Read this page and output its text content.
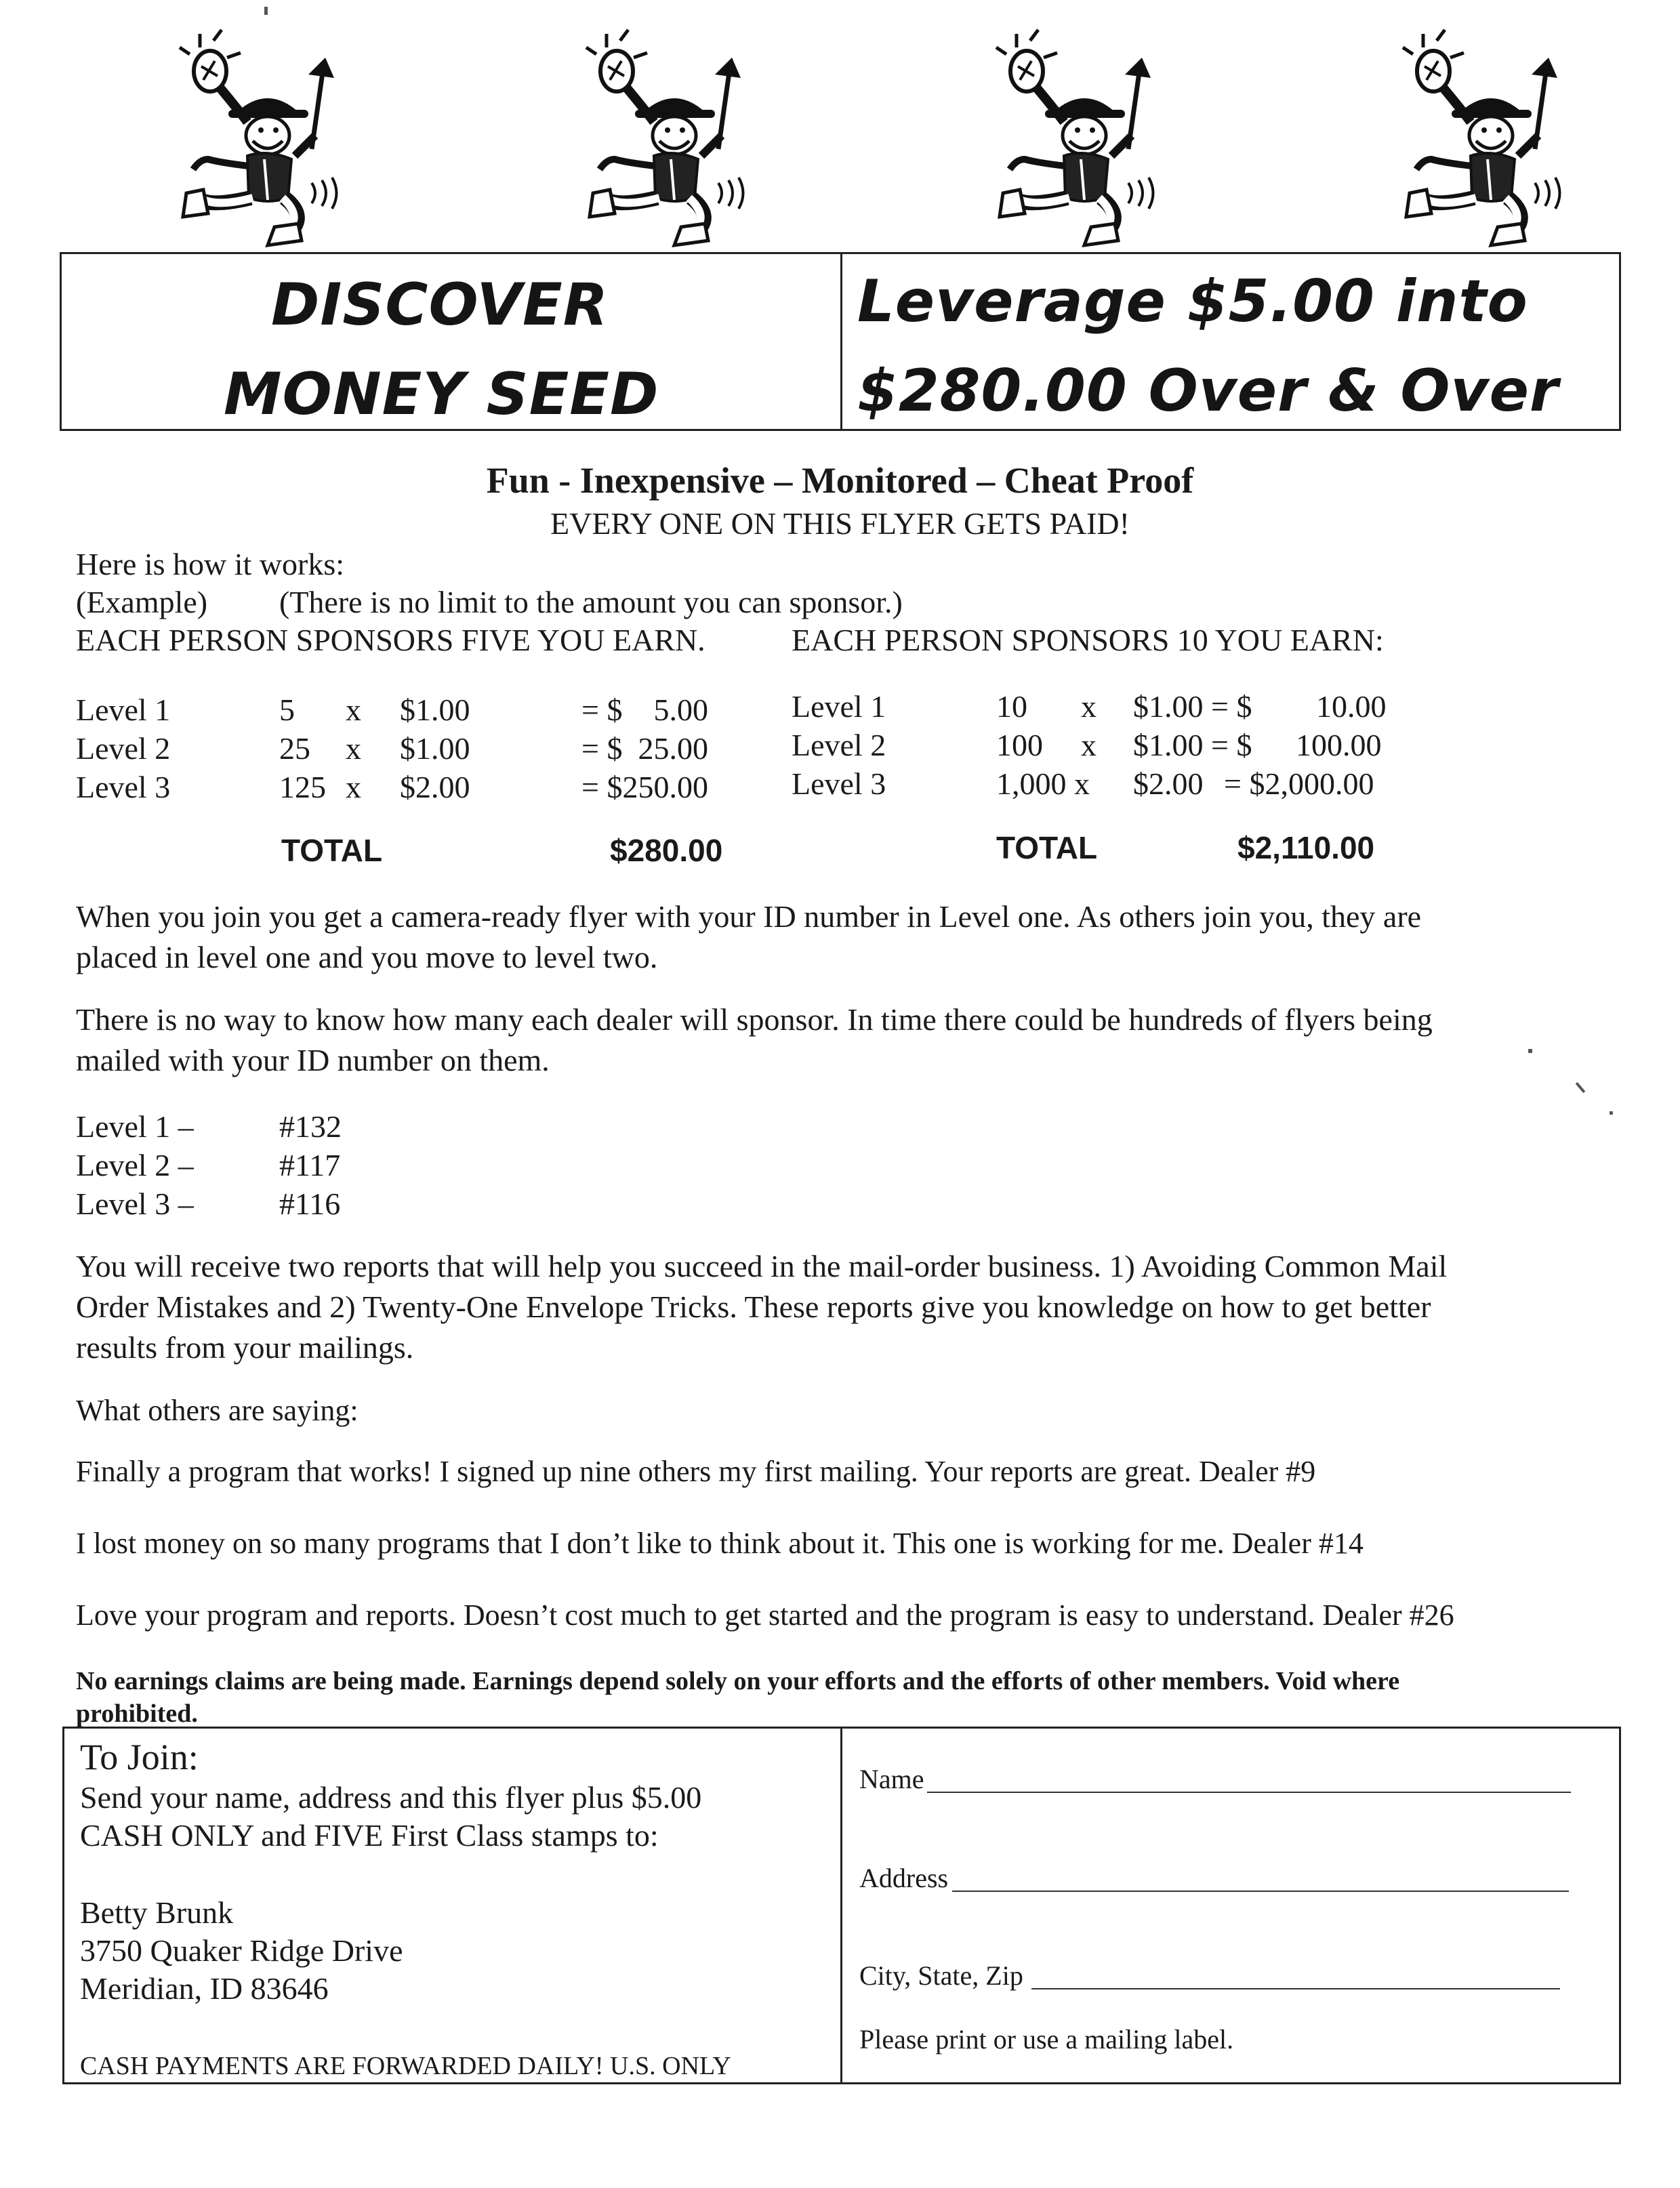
DISCOVER
MONEY SEED
Leverage $5.00 into
$280.00 Over & Over
Fun - Inexpensive – Monitored – Cheat Proof
EVERY ONE ON THIS FLYER GETS PAID!
Here is how it works:
(Example) (There is no limit to the amount you can sponsor.)
EACH PERSON SPONSORS FIVE YOU EARN.	EACH PERSON SPONSORS 10 YOU EARN:
Level 1	5 x $1.00	= $    5.00
Level 2	25 x $1.00	= $  25.00
Level 3	125 x $2.00	= $250.00
TOTAL	$280.00
Level 1	10 x $1.00 = $ 10.00
Level 2	100 x $1.00 = $ 100.00
Level 3	1,000 x $2.00 = $2,000.00
TOTAL	$2,110.00
When you join you get a camera-ready flyer with your ID number in Level one. As others join you, they are
placed in level one and you move to level two.
There is no way to know how many each dealer will sponsor. In time there could be hundreds of flyers being
mailed with your ID number on them.
Level 1 –	#132
Level 2 –	#117
Level 3 –	#116
You will receive two reports that will help you succeed in the mail-order business. 1) Avoiding Common Mail
Order Mistakes and 2) Twenty-One Envelope Tricks. These reports give you knowledge on how to get better
results from your mailings.
What others are saying:
Finally a program that works! I signed up nine others my first mailing. Your reports are great. Dealer #9
I lost money on so many programs that I don’t like to think about it. This one is working for me. Dealer #14
Love your program and reports. Doesn’t cost much to get started and the program is easy to understand. Dealer #26
No earnings claims are being made. Earnings depend solely on your efforts and the efforts of other members. Void where
prohibited.
To Join:
Send your name, address and this flyer plus $5.00
CASH ONLY and FIVE First Class stamps to:
Betty Brunk
3750 Quaker Ridge Drive
Meridian, ID 83646
CASH PAYMENTS ARE FORWARDED DAILY! U.S. ONLY
Name
Address
City, State, Zip
Please print or use a mailing label.
